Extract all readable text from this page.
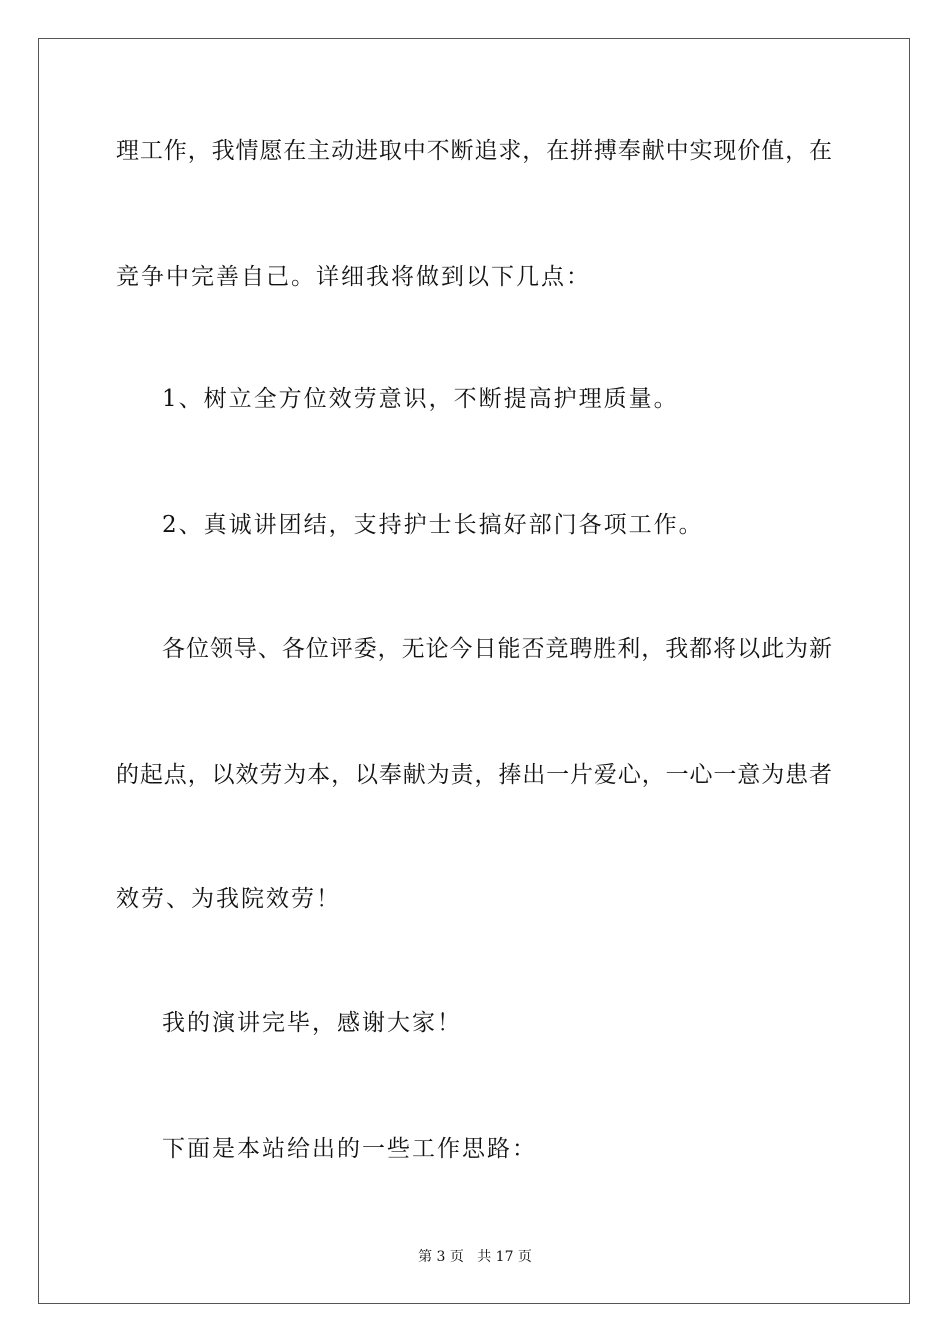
理工作，我情愿在主动进取中不断追求，在拼搏奉献中实现价值，在
竞争中完善自己。详细我将做到以下几点：
1、树立全方位效劳意识，不断提高护理质量。
2、真诚讲团结，支持护士长搞好部门各项工作。
各位领导、各位评委，无论今日能否竞聘胜利，我都将以此为新
的起点，以效劳为本，以奉献为责，捧出一片爱心，一心一意为患者
效劳、为我院效劳！
我的演讲完毕，感谢大家！
下面是本站给出的一些工作思路：
第 3 页   共 17 页
